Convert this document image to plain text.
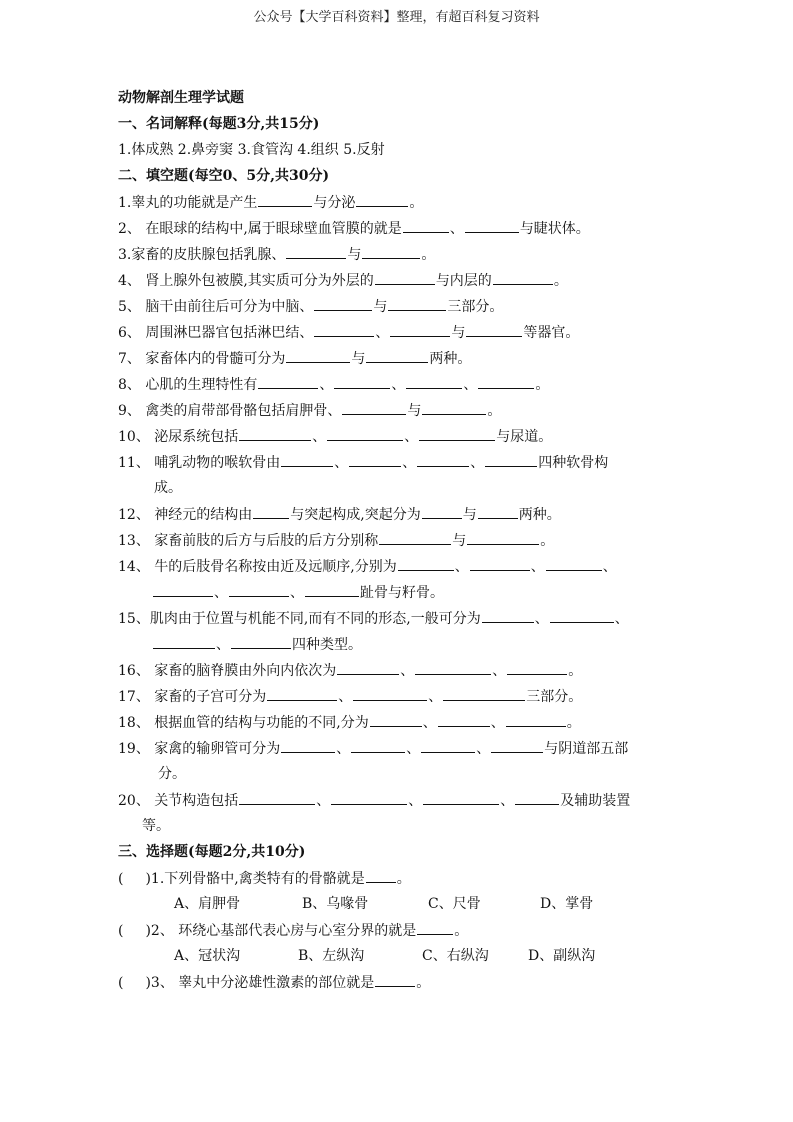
公众号【大学百科资料】整理，有超百科复习资料
动物解剖生理学试题
一、名词解释(每题3分,共15分)
1.体成熟 2.鼻旁窦 3.食管沟 4.组织 5.反射
二、填空题(每空0、5分,共30分)
1.睾丸的功能就是产生	与分泌	。
2、 在眼球的结构中,属于眼球壁血管膜的就是	、	与睫状体。
3.家畜的皮肤腺包括乳腺、	与	。
4、 肾上腺外包被膜,其实质可分为外层的	与内层的	。
5、 脑干由前往后可分为中脑、	与	三部分。
6、 周围淋巴器官包括淋巴结、	、	与	等器官。
7、 家畜体内的骨髓可分为	与	两种。
8、 心肌的生理特性有	、	、	、	。
9、 禽类的肩带部骨骼包括肩胛骨、	与	。
10、 泌尿系统包括	、	、	与尿道。
11、 哺乳动物的喉软骨由	、	、	、	四种软骨构
成。
12、 神经元的结构由	与突起构成,突起分为	与	两种。
13、 家畜前肢的后方与后肢的后方分别称	与	。
14、 牛的后肢骨名称按由近及远顺序,分别为	、	、	、
、	、	趾骨与籽骨。
15、肌肉由于位置与机能不同,而有不同的形态,一般可分为	、	、
、	四种类型。
16、 家畜的脑脊膜由外向内依次为	、	、	。
17、 家畜的子宫可分为	、	、	三部分。
18、 根据血管的结构与功能的不同,分为	、	、	。
19、 家禽的输卵管可分为	、	、	、	与阴道部五部
分。
20、 关节构造包括	、	、	、	及辅助装置
等。
三、选择题(每题2分,共10分)
( )1.下列骨骼中,禽类特有的骨骼就是 。
A、肩胛骨	B、乌喙骨	C、尺骨	D、掌骨
( )2、 环绕心基部代表心房与心室分界的就是	。
A、冠状沟	B、左纵沟	C、右纵沟	D、副纵沟
( )3、 睾丸中分泌雄性激素的部位就是	。
